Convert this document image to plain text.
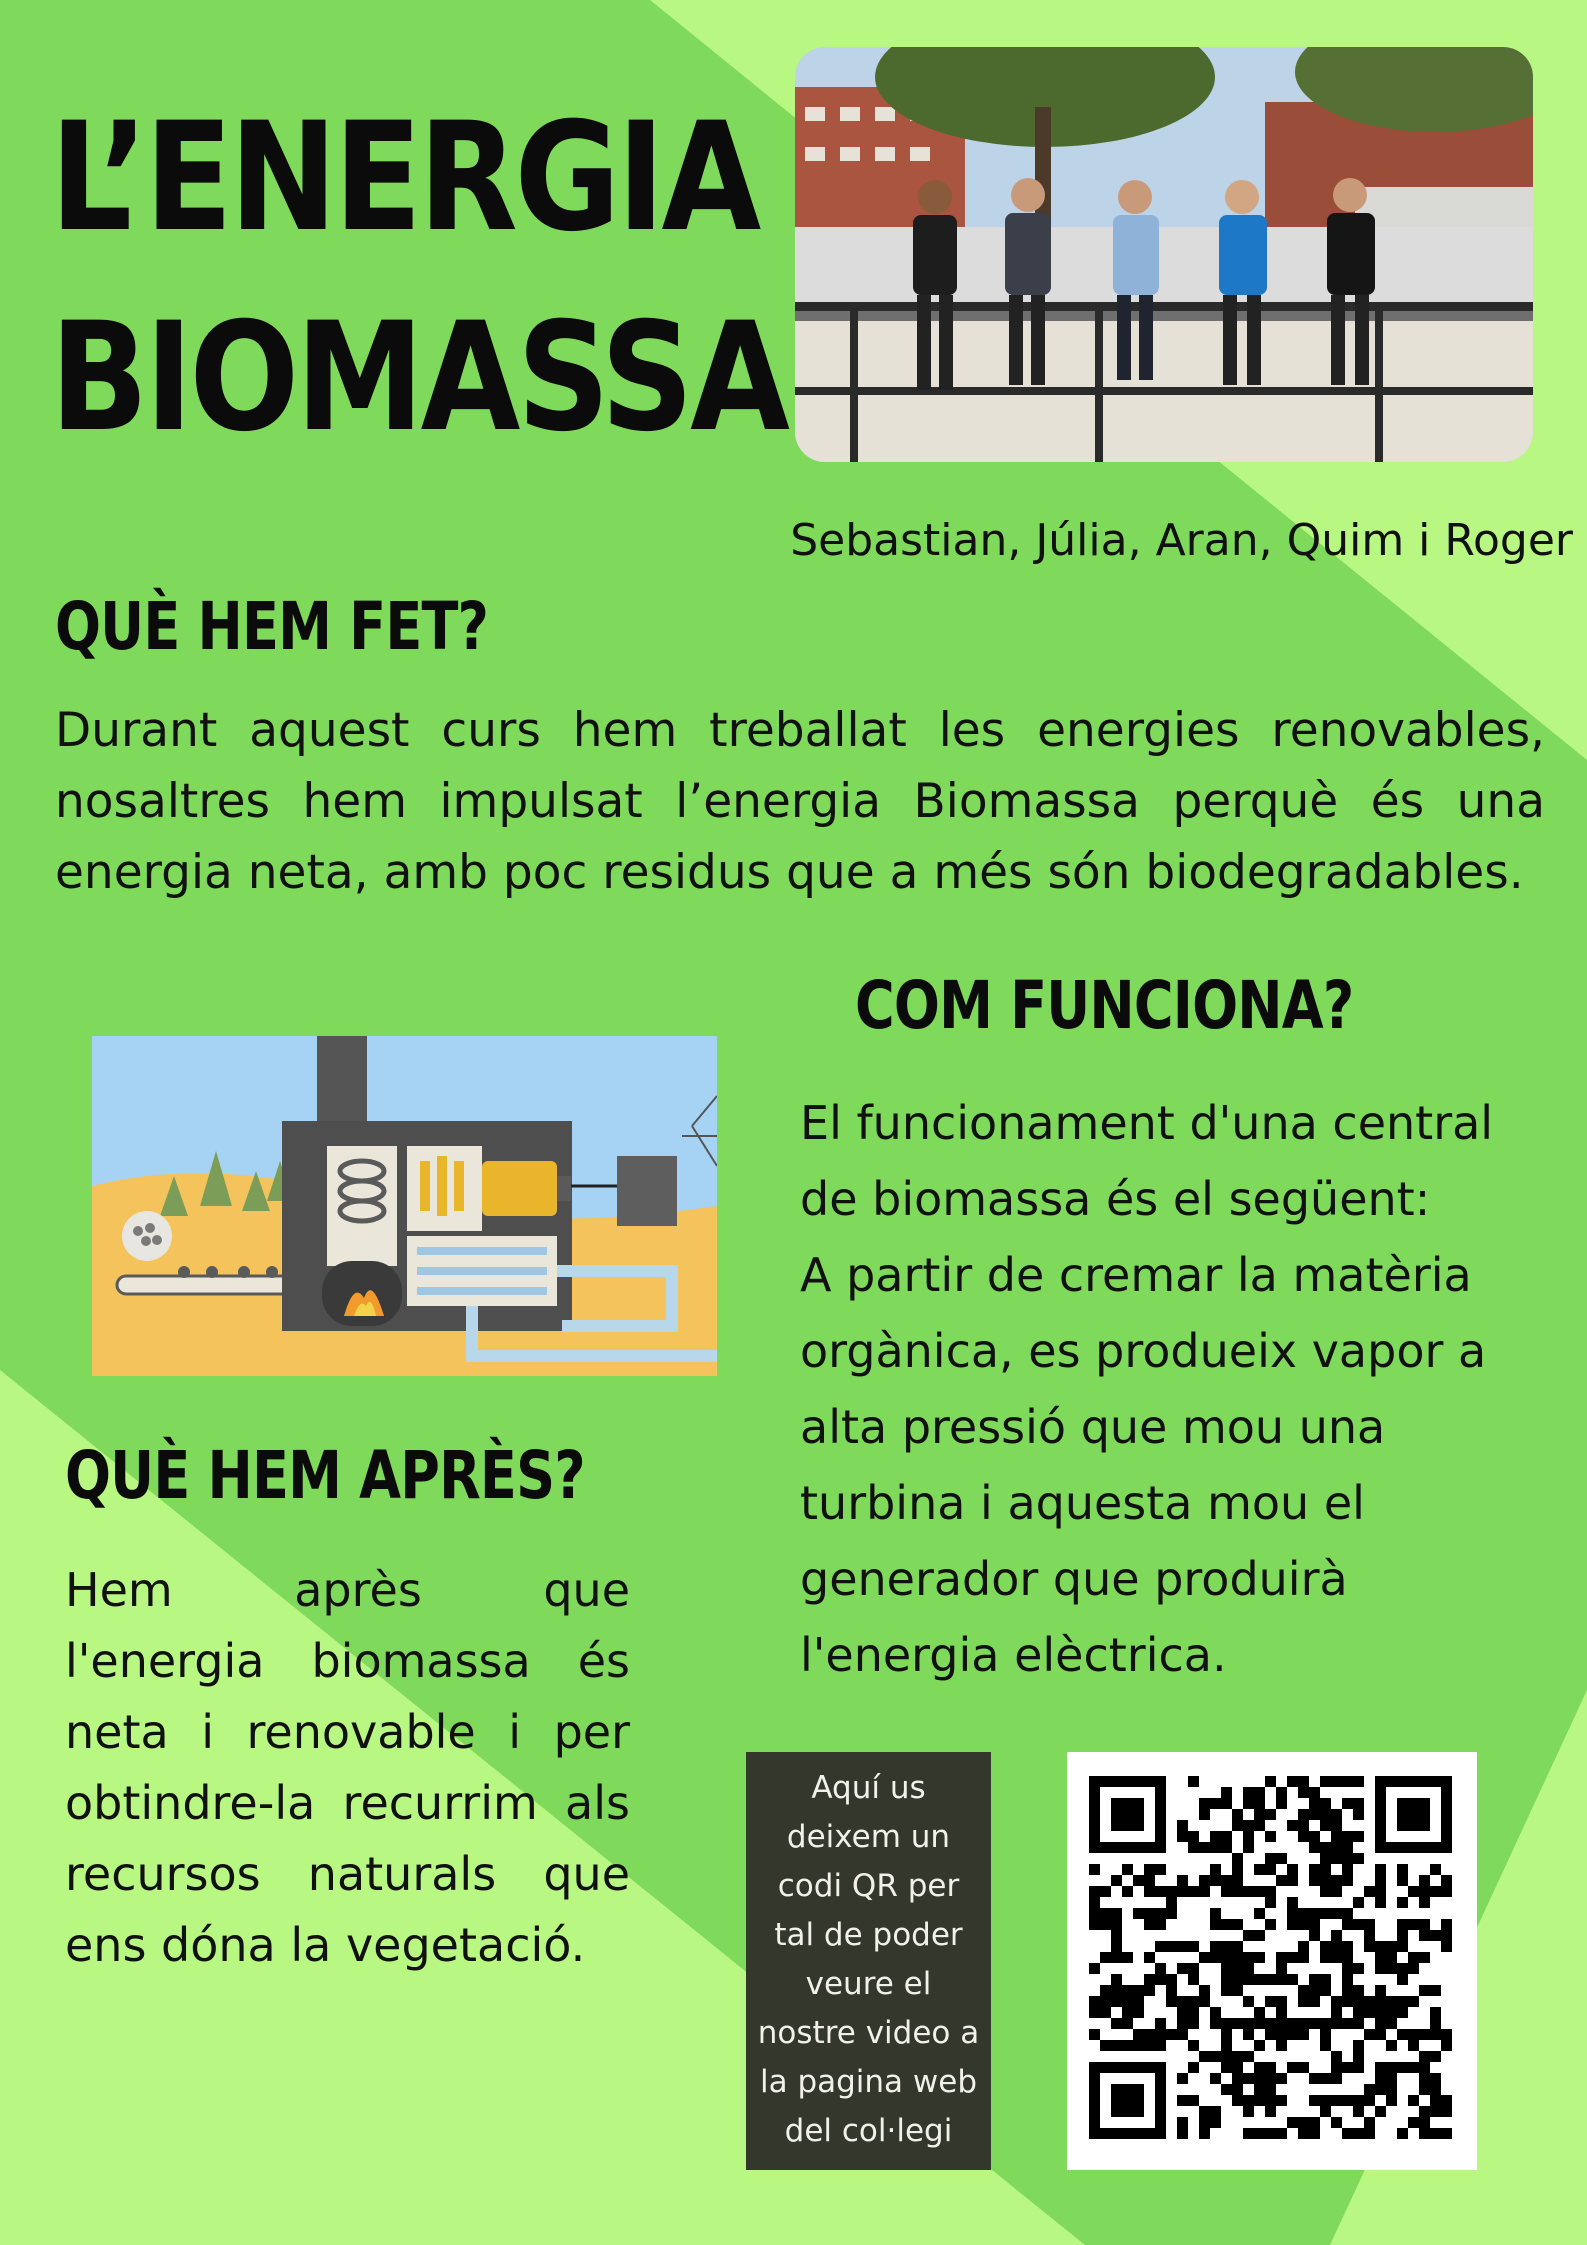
L’ENERGIA
BIOMASSA
Sebastian, Júlia, Aran, Quim i Roger
QUÈ HEM FET?

Durant aquest curs hem treballat les energies renovables, nosaltres hem impulsat l’energia Biomassa perquè és una energia neta, amb poc residus que a més són biodegradables.

COM FUNCIONA?

El funcionament d'una central
de biomassa és el següent:
A partir de cremar la matèria
orgànica, es produeix vapor a
alta pressió que mou una
turbina i aquesta mou el
generador que produirà
l'energia elèctrica.

QUÈ HEM APRÈS?

Hem après que l'energia biomassa és neta i renovable i per obtindre-la recurrim als recursos naturals que ens dóna la vegetació.

Aquí us
deixem un
codi QR per
tal de poder
veure el
nostre video a
la pagina web
del col·legi
